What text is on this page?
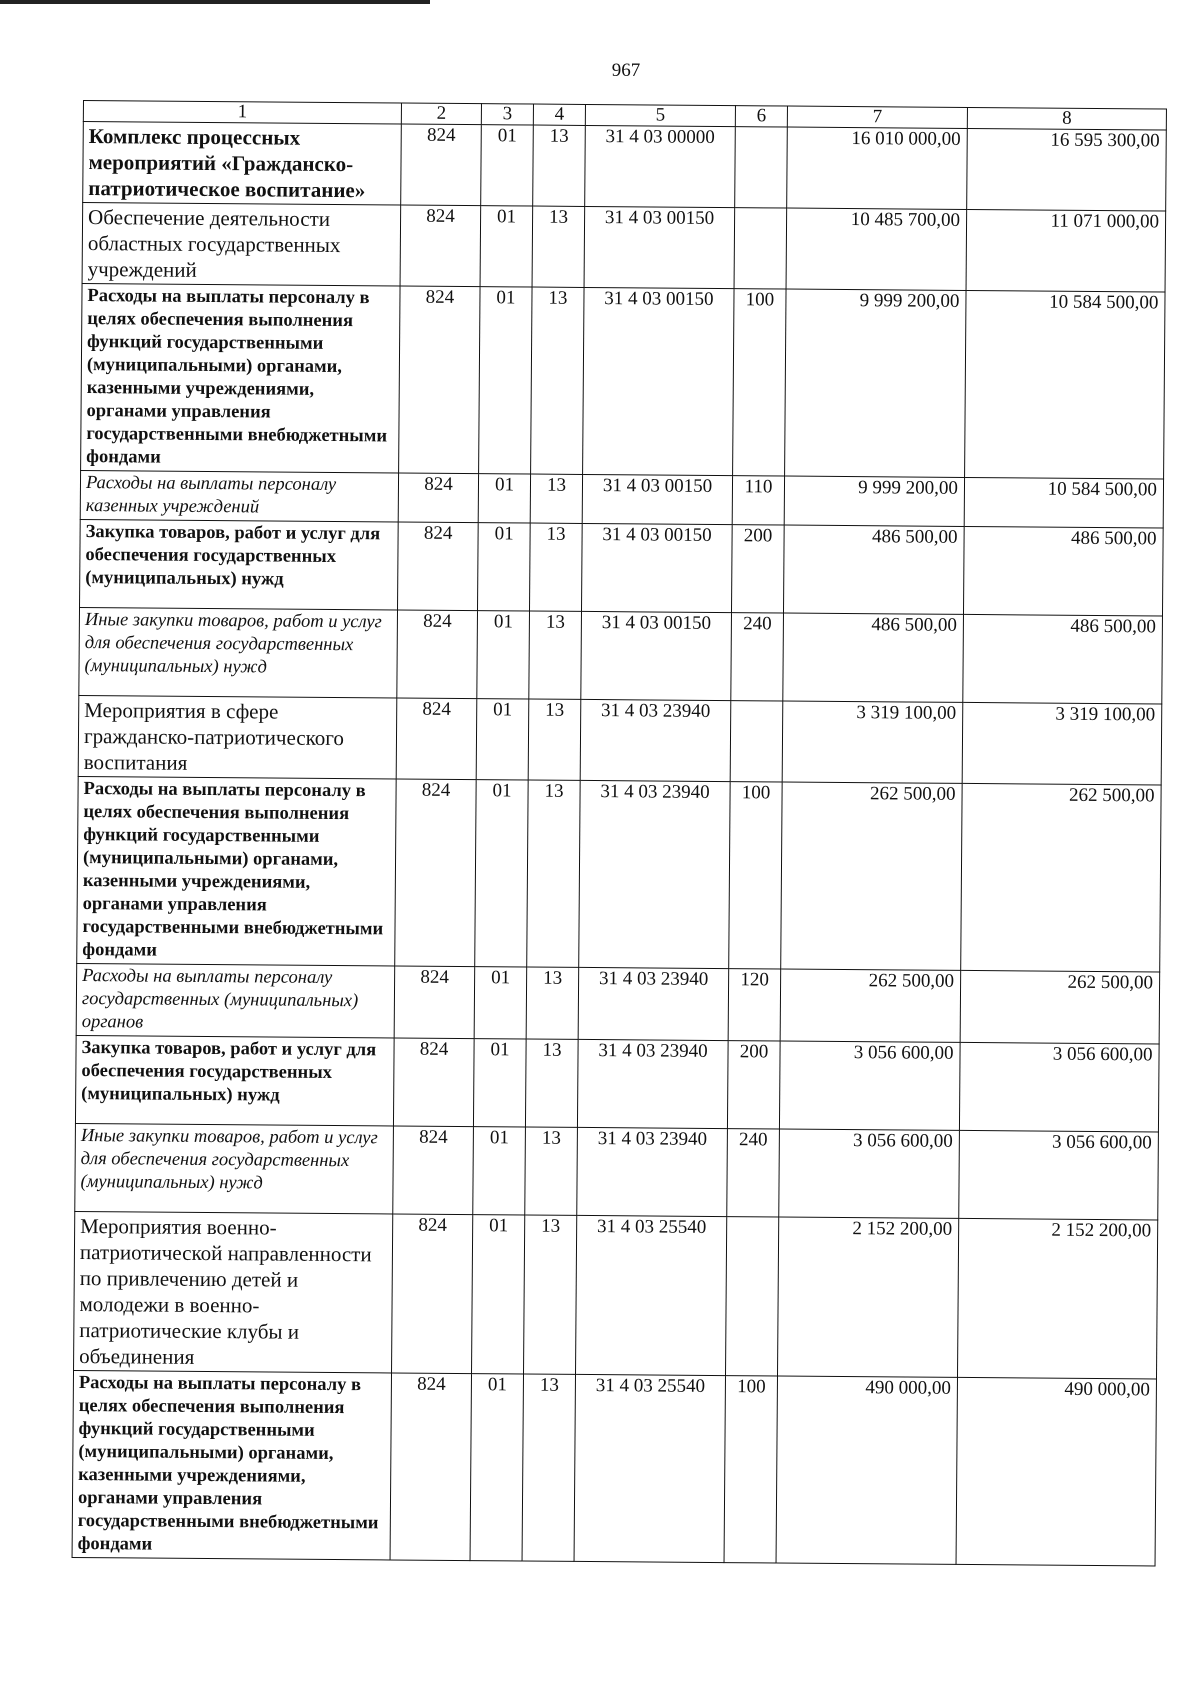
967
1	2	3	4	5	6	7	8
Комплекс процессных мероприятий «Гражданско-патриотическое воспитание»	824	01	13	31 4 03 00000		16 010 000,00	16 595 300,00
Обеспечение деятельности областных государственных учреждений	824	01	13	31 4 03 00150		10 485 700,00	11 071 000,00
Расходы на выплаты персоналу в целях обеспечения выполнения функций государственными (муниципальными) органами, казенными учреждениями, органами управления государственными внебюджетными фондами	824	01	13	31 4 03 00150	100	9 999 200,00	10 584 500,00
Расходы на выплаты персоналу казенных учреждений	824	01	13	31 4 03 00150	110	9 999 200,00	10 584 500,00
Закупка товаров, работ и услуг для обеспечения государственных (муниципальных) нужд	824	01	13	31 4 03 00150	200	486 500,00	486 500,00
Иные закупки товаров, работ и услуг для обеспечения государственных (муниципальных) нужд	824	01	13	31 4 03 00150	240	486 500,00	486 500,00
Мероприятия в сфере гражданско-патриотического воспитания	824	01	13	31 4 03 23940		3 319 100,00	3 319 100,00
Расходы на выплаты персоналу в целях обеспечения выполнения функций государственными (муниципальными) органами, казенными учреждениями, органами управления государственными внебюджетными фондами	824	01	13	31 4 03 23940	100	262 500,00	262 500,00
Расходы на выплаты персоналу государственных (муниципальных) органов	824	01	13	31 4 03 23940	120	262 500,00	262 500,00
Закупка товаров, работ и услуг для обеспечения государственных (муниципальных) нужд	824	01	13	31 4 03 23940	200	3 056 600,00	3 056 600,00
Иные закупки товаров, работ и услуг для обеспечения государственных (муниципальных) нужд	824	01	13	31 4 03 23940	240	3 056 600,00	3 056 600,00
Мероприятия военно-патриотической направленности по привлечению детей и молодежи в военно-патриотические клубы и объединения	824	01	13	31 4 03 25540		2 152 200,00	2 152 200,00
Расходы на выплаты персоналу в целях обеспечения выполнения функций государственными (муниципальными) органами, казенными учреждениями, органами управления государственными внебюджетными фондами	824	01	13	31 4 03 25540	100	490 000,00	490 000,00
